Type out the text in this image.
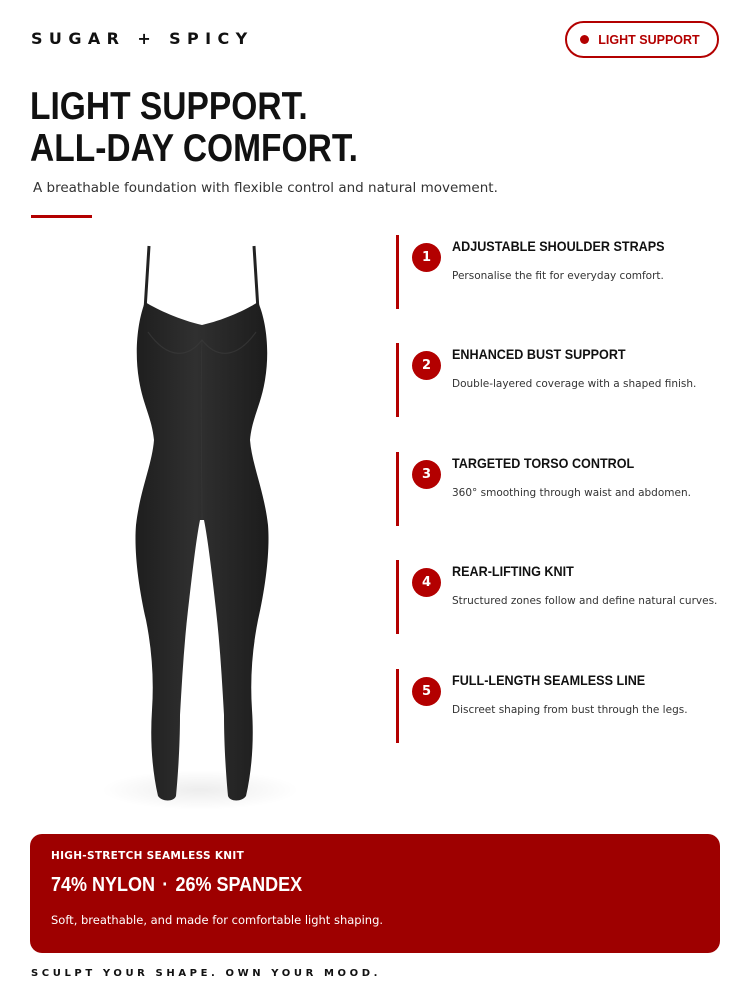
SUGAR + SPICY	LIGHT SUPPORT
LIGHT SUPPORT.
ALL-DAY COMFORT.

A breathable foundation with flexible control and natural movement.

1
ADJUSTABLE SHOULDER STRAPS
Personalise the fit for everyday comfort.
2
ENHANCED BUST SUPPORT
Double-layered coverage with a shaped finish.
3
TARGETED TORSO CONTROL
360° smoothing through waist and abdomen.
4
REAR-LIFTING KNIT
Structured zones follow and define natural curves.
5
FULL-LENGTH SEAMLESS LINE
Discreet shaping from bust through the legs.
HIGH-STRETCH SEAMLESS KNIT
74% NYLON · 26% SPANDEX
Soft, breathable, and made for comfortable light shaping.
SCULPT YOUR SHAPE. OWN YOUR MOOD.
